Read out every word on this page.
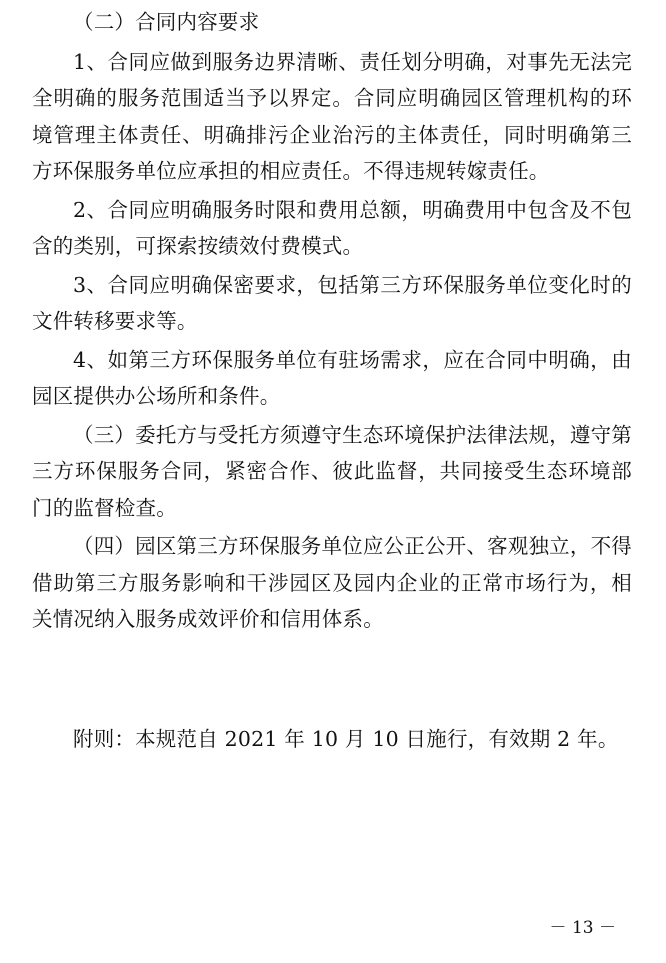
（二）合同内容要求

1、合同应做到服务边界清晰、责任划分明确，对事先无法完全明确的服务范围适当予以界定。合同应明确园区管理机构的环境管理主体责任、明确排污企业治污的主体责任，同时明确第三方环保服务单位应承担的相应责任。不得违规转嫁责任。

2、合同应明确服务时限和费用总额，明确费用中包含及不包含的类别，可探索按绩效付费模式。

3、合同应明确保密要求，包括第三方环保服务单位变化时的文件转移要求等。

4、如第三方环保服务单位有驻场需求，应在合同中明确，由园区提供办公场所和条件。

（三）委托方与受托方须遵守生态环境保护法律法规，遵守第三方环保服务合同，紧密合作、彼此监督，共同接受生态环境部门的监督检查。

（四）园区第三方环保服务单位应公正公开、客观独立，不得借助第三方服务影响和干涉园区及园内企业的正常市场行为，相关情况纳入服务成效评价和信用体系。

附则：本规范自 2021 年 10 月 10 日施行，有效期 2 年。

－ 13 －
